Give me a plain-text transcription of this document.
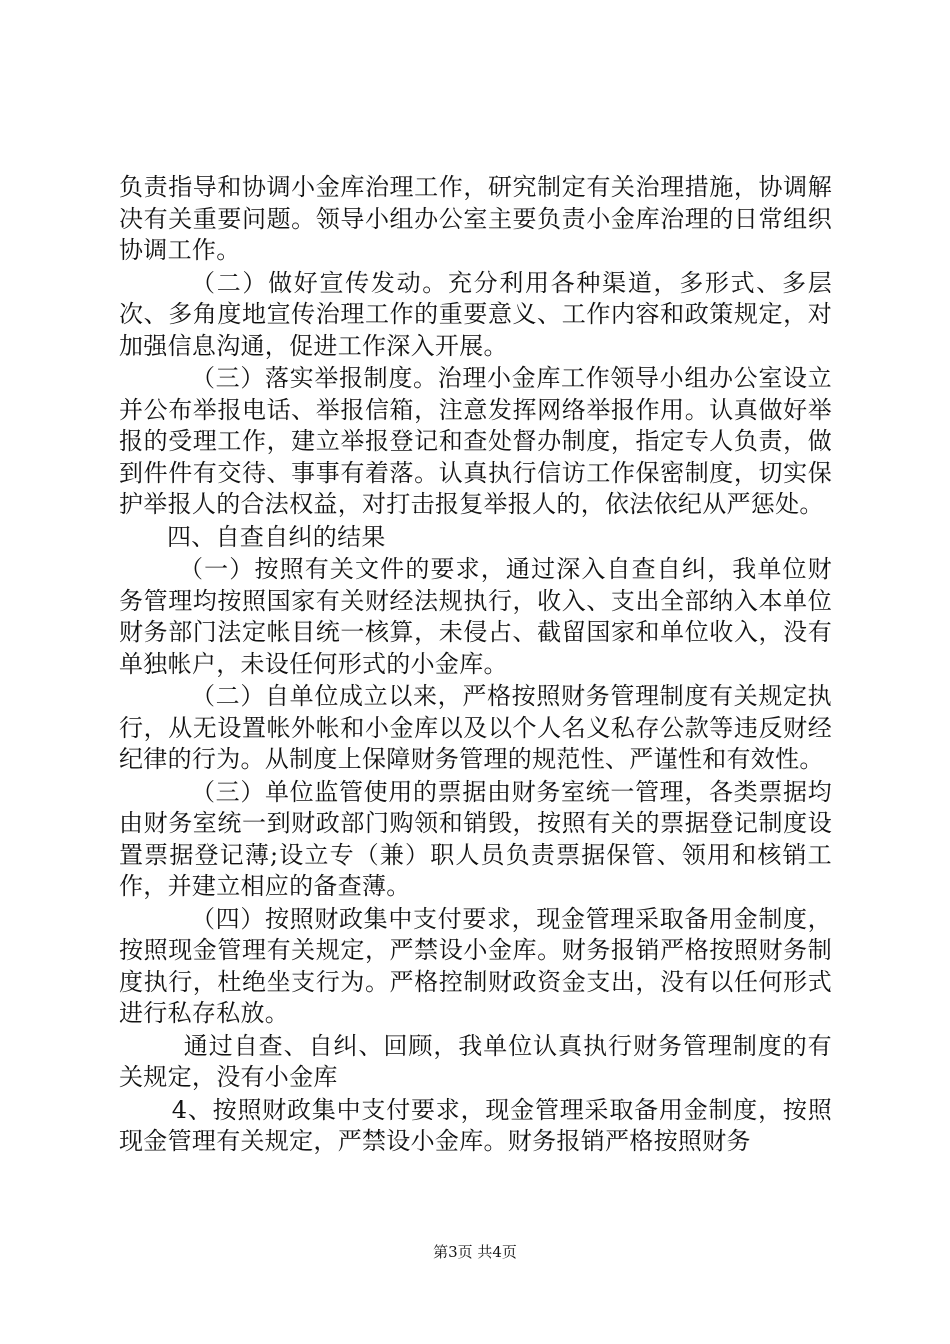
负责指导和协调小金库治理工作，研究制定有关治理措施，协调解决有关重要问题。领导小组办公室主要负责小金库治理的日常组织协调工作。

（二）做好宣传发动。充分利用各种渠道，多形式、多层次、多角度地宣传治理工作的重要意义、工作内容和政策规定，对加强信息沟通，促进工作深入开展。

（三）落实举报制度。治理小金库工作领导小组办公室设立并公布举报电话、举报信箱，注意发挥网络举报作用。认真做好举报的受理工作，建立举报登记和查处督办制度，指定专人负责，做到件件有交待、事事有着落。认真执行信访工作保密制度，切实保护举报人的合法权益，对打击报复举报人的，依法依纪从严惩处。

四、自查自纠的结果

（一）按照有关文件的要求，通过深入自查自纠，我单位财务管理均按照国家有关财经法规执行，收入、支出全部纳入本单位财务部门法定帐目统一核算，未侵占、截留国家和单位收入，没有单独帐户，未设任何形式的小金库。

（二）自单位成立以来，严格按照财务管理制度有关规定执行，从无设置帐外帐和小金库以及以个人名义私存公款等违反财经纪律的行为。从制度上保障财务管理的规范性、严谨性和有效性。

（三）单位监管使用的票据由财务室统一管理，各类票据均由财务室统一到财政部门购领和销毁，按照有关的票据登记制度设置票据登记薄;设立专（兼）职人员负责票据保管、领用和核销工作，并建立相应的备查薄。

（四）按照财政集中支付要求，现金管理采取备用金制度，按照现金管理有关规定，严禁设小金库。财务报销严格按照财务制度执行，杜绝坐支行为。严格控制财政资金支出，没有以任何形式进行私存私放。

通过自查、自纠、回顾，我单位认真执行财务管理制度的有关规定，没有小金库

4、按照财政集中支付要求，现金管理采取备用金制度，按照现金管理有关规定，严禁设小金库。财务报销严格按照财务

第3页 共4页
